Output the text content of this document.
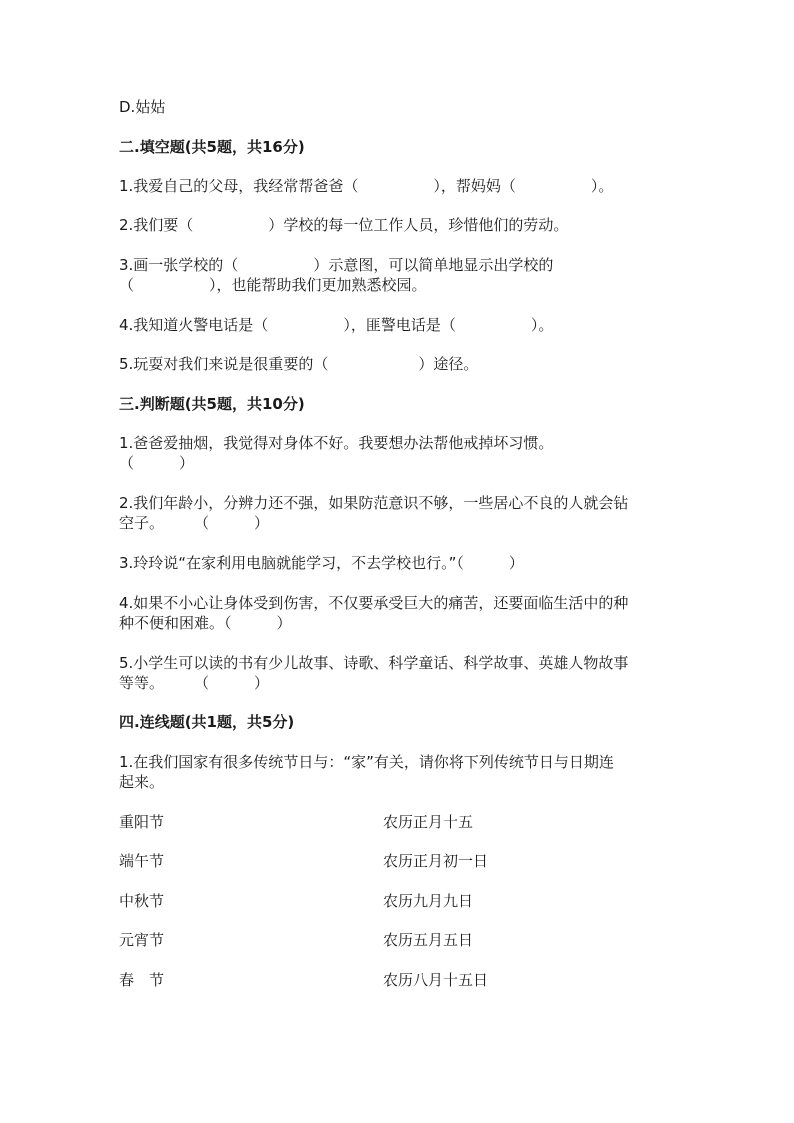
D.姑姑
二.填空题(共5题，共16分)
1.我爱自己的父母，我经常帮爸爸（　　　　　），帮妈妈（　　　　　）。
2.我们要（　　　　　）学校的每一位工作人员，珍惜他们的劳动。
3.画一张学校的（　　　　　）示意图，可以简单地显示出学校的
（　　　　　），也能帮助我们更加熟悉校园。
4.我知道火警电话是（　　　　　），匪警电话是（　　　　　）。
5.玩耍对我们来说是很重要的（　　　　　　）途径。
三.判断题(共5题，共10分)
1.爸爸爱抽烟，我觉得对身体不好。我要想办法帮他戒掉坏习惯。
（　　　）
2.我们年龄小，分辨力还不强，如果防范意识不够，一些居心不良的人就会钻
空子。　　　（　　　）
3.玲玲说“在家利用电脑就能学习，不去学校也行。”（　　　）
4.如果不小心让身体受到伤害，不仅要承受巨大的痛苦，还要面临生活中的种
种不便和困难。（　　　）
5.小学生可以读的书有少儿故事、诗歌、科学童话、科学故事、英雄人物故事
等等。　　　（　　　）
四.连线题(共1题，共5分)
1.在我们国家有很多传统节日与：“家”有关，请你将下列传统节日与日期连
起来。
重阳节	农历正月十五
端午节	农历正月初一日
中秋节	农历九月九日
元宵节	农历五月五日
春　节	农历八月十五日
